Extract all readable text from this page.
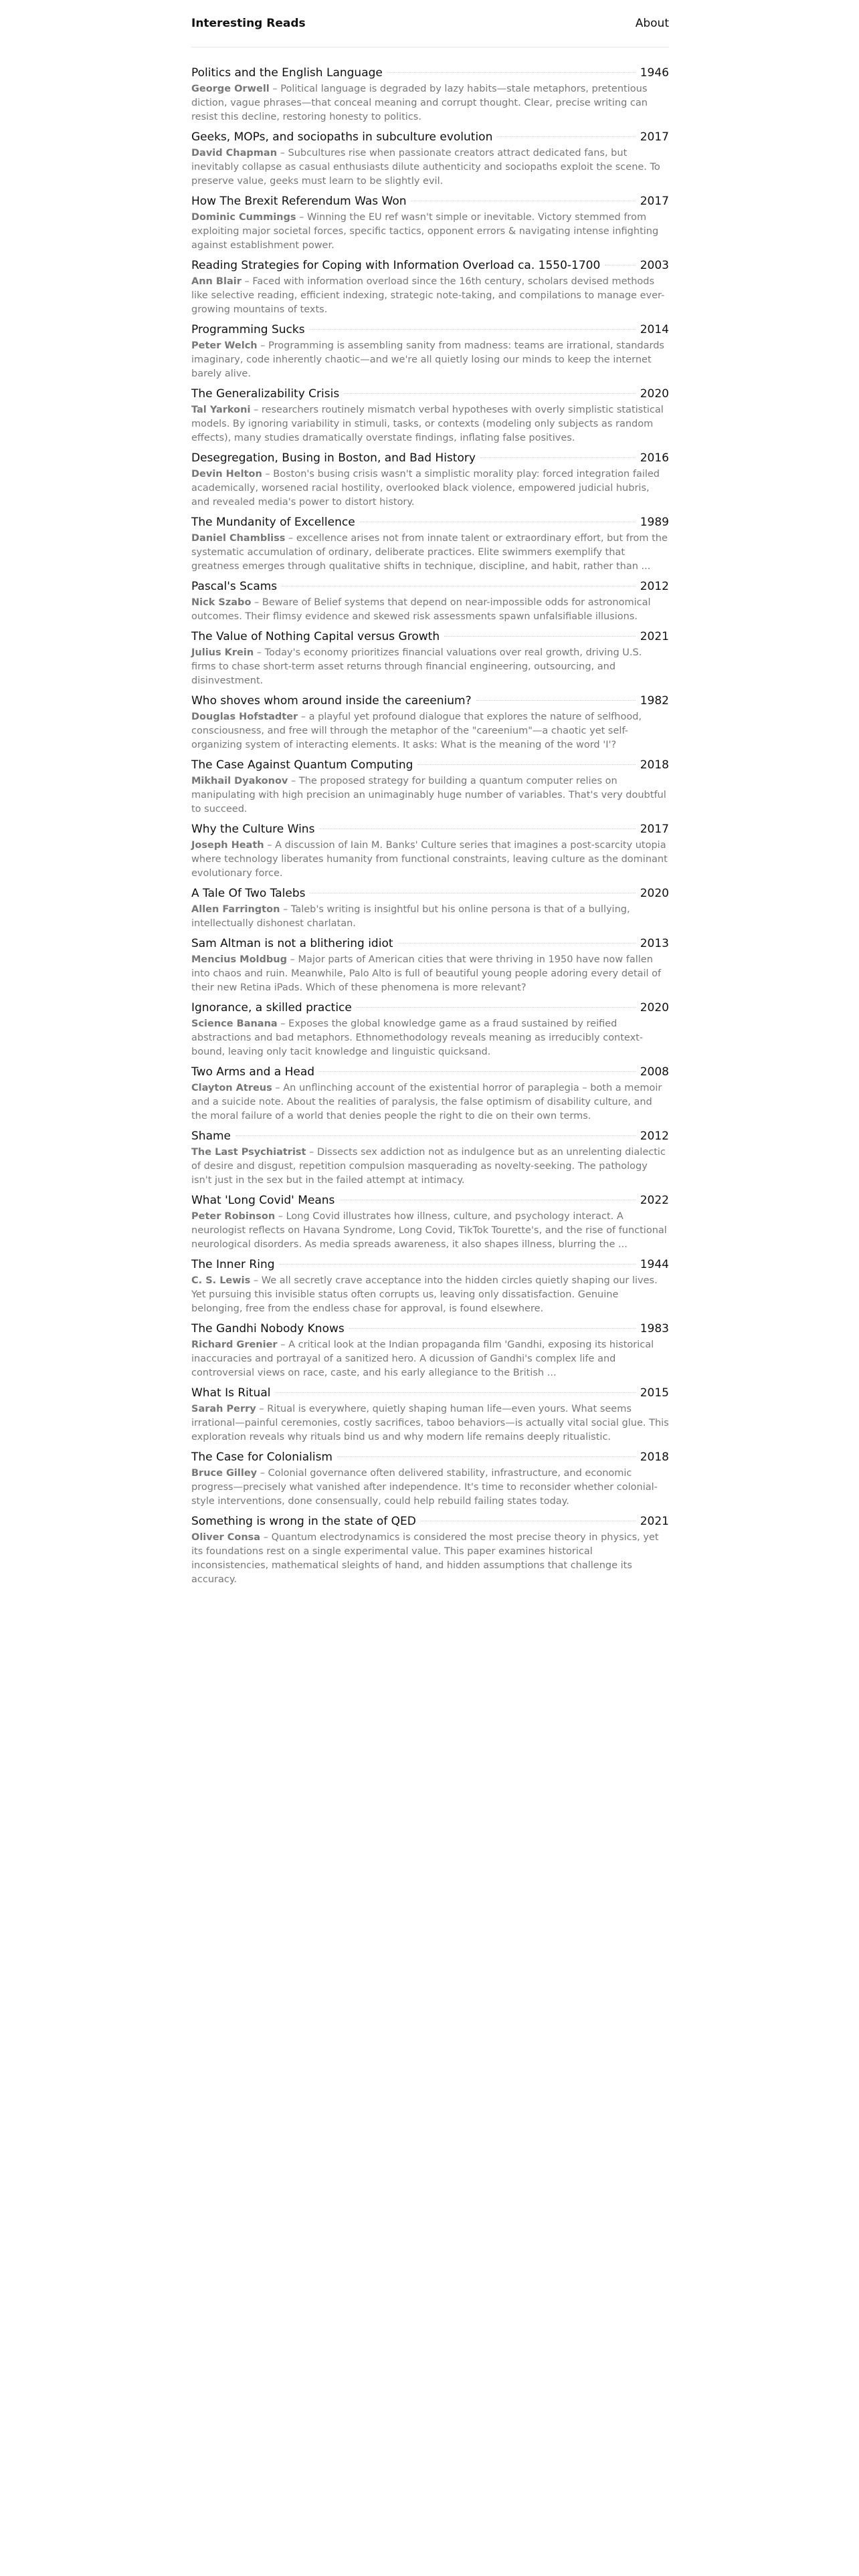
Interesting Reads	About
Politics and the English Language	1946
George Orwell – Political language is degraded by lazy habits—stale metaphors, pretentious diction, vague phrases—that conceal meaning and corrupt thought. Clear, precise writing can resist this decline, restoring honesty to politics.
Geeks, MOPs, and sociopaths in subculture evolution	2017
David Chapman – Subcultures rise when passionate creators attract dedicated fans, but inevitably collapse as casual enthusiasts dilute authenticity and sociopaths exploit the scene. To preserve value, geeks must learn to be slightly evil.
How The Brexit Referendum Was Won	2017
Dominic Cummings – Winning the EU ref wasn't simple or inevitable. Victory stemmed from exploiting major societal forces, specific tactics, opponent errors & navigating intense infighting against establishment power.
Reading Strategies for Coping with Information Overload ca. 1550-1700	2003
Ann Blair – Faced with information overload since the 16th century, scholars devised methods like selective reading, efficient indexing, strategic note-taking, and compilations to manage ever-growing mountains of texts.
Programming Sucks	2014
Peter Welch – Programming is assembling sanity from madness: teams are irrational, standards imaginary, code inherently chaotic—and we're all quietly losing our minds to keep the internet barely alive.
The Generalizability Crisis	2020
Tal Yarkoni – researchers routinely mismatch verbal hypotheses with overly simplistic statistical models. By ignoring variability in stimuli, tasks, or contexts (modeling only subjects as random effects), many studies dramatically overstate findings, inflating false positives.
Desegregation, Busing in Boston, and Bad History	2016
Devin Helton – Boston's busing crisis wasn't a simplistic morality play: forced integration failed academically, worsened racial hostility, overlooked black violence, empowered judicial hubris, and revealed media's power to distort history.
The Mundanity of Excellence	1989
Daniel Chambliss – excellence arises not from innate talent or extraordinary effort, but from the systematic accumulation of ordinary, deliberate practices. Elite swimmers exemplify that greatness emerges through qualitative shifts in technique, discipline, and habit, rather than ...
Pascal's Scams	2012
Nick Szabo – Beware of Belief systems that depend on near-impossible odds for astronomical outcomes. Their flimsy evidence and skewed risk assessments spawn unfalsifiable illusions.
The Value of Nothing Capital versus Growth	2021
Julius Krein – Today's economy prioritizes financial valuations over real growth, driving U.S. firms to chase short-term asset returns through financial engineering, outsourcing, and disinvestment.
Who shoves whom around inside the careenium?	1982
Douglas Hofstadter – a playful yet profound dialogue that explores the nature of selfhood, consciousness, and free will through the metaphor of the "careenium"—a chaotic yet self-organizing system of interacting elements. It asks: What is the meaning of the word 'I'?
The Case Against Quantum Computing	2018
Mikhail Dyakonov – The proposed strategy for building a quantum computer relies on manipulating with high precision an unimaginably huge number of variables. That's very doubtful to succeed.
Why the Culture Wins	2017
Joseph Heath – A discussion of Iain M. Banks' Culture series that imagines a post-scarcity utopia where technology liberates humanity from functional constraints, leaving culture as the dominant evolutionary force.
A Tale Of Two Talebs	2020
Allen Farrington – Taleb's writing is insightful but his online persona is that of a bullying, intellectually dishonest charlatan.
Sam Altman is not a blithering idiot	2013
Mencius Moldbug – Major parts of American cities that were thriving in 1950 have now fallen into chaos and ruin. Meanwhile, Palo Alto is full of beautiful young people adoring every detail of their new Retina iPads. Which of these phenomena is more relevant?
Ignorance, a skilled practice	2020
Science Banana – Exposes the global knowledge game as a fraud sustained by reified abstractions and bad metaphors. Ethnomethodology reveals meaning as irreducibly context-bound, leaving only tacit knowledge and linguistic quicksand.
Two Arms and a Head	2008
Clayton Atreus – An unflinching account of the existential horror of paraplegia – both a memoir and a suicide note. About the realities of paralysis, the false optimism of disability culture, and the moral failure of a world that denies people the right to die on their own terms.
Shame	2012
The Last Psychiatrist – Dissects sex addiction not as indulgence but as an unrelenting dialectic of desire and disgust, repetition compulsion masquerading as novelty-seeking. The pathology isn't just in the sex but in the failed attempt at intimacy.
What 'Long Covid' Means	2022
Peter Robinson – Long Covid illustrates how illness, culture, and psychology interact. A neurologist reflects on Havana Syndrome, Long Covid, TikTok Tourette's, and the rise of functional neurological disorders. As media spreads awareness, it also shapes illness, blurring the ...
The Inner Ring	1944
C. S. Lewis – We all secretly crave acceptance into the hidden circles quietly shaping our lives. Yet pursuing this invisible status often corrupts us, leaving only dissatisfaction. Genuine belonging, free from the endless chase for approval, is found elsewhere.
The Gandhi Nobody Knows	1983
Richard Grenier – A critical look at the Indian propaganda film 'Gandhi, exposing its historical inaccuracies and portrayal of a sanitized hero. A dicussion of Gandhi's complex life and controversial views on race, caste, and his early allegiance to the British ...
What Is Ritual	2015
Sarah Perry – Ritual is everywhere, quietly shaping human life—even yours. What seems irrational—painful ceremonies, costly sacrifices, taboo behaviors—is actually vital social glue. This exploration reveals why rituals bind us and why modern life remains deeply ritualistic.
The Case for Colonialism	2018
Bruce Gilley – Colonial governance often delivered stability, infrastructure, and economic progress—precisely what vanished after independence. It's time to reconsider whether colonial-style interventions, done consensually, could help rebuild failing states today.
Something is wrong in the state of QED	2021
Oliver Consa – Quantum electrodynamics is considered the most precise theory in physics, yet its foundations rest on a single experimental value. This paper examines historical inconsistencies, mathematical sleights of hand, and hidden assumptions that challenge its accuracy.
